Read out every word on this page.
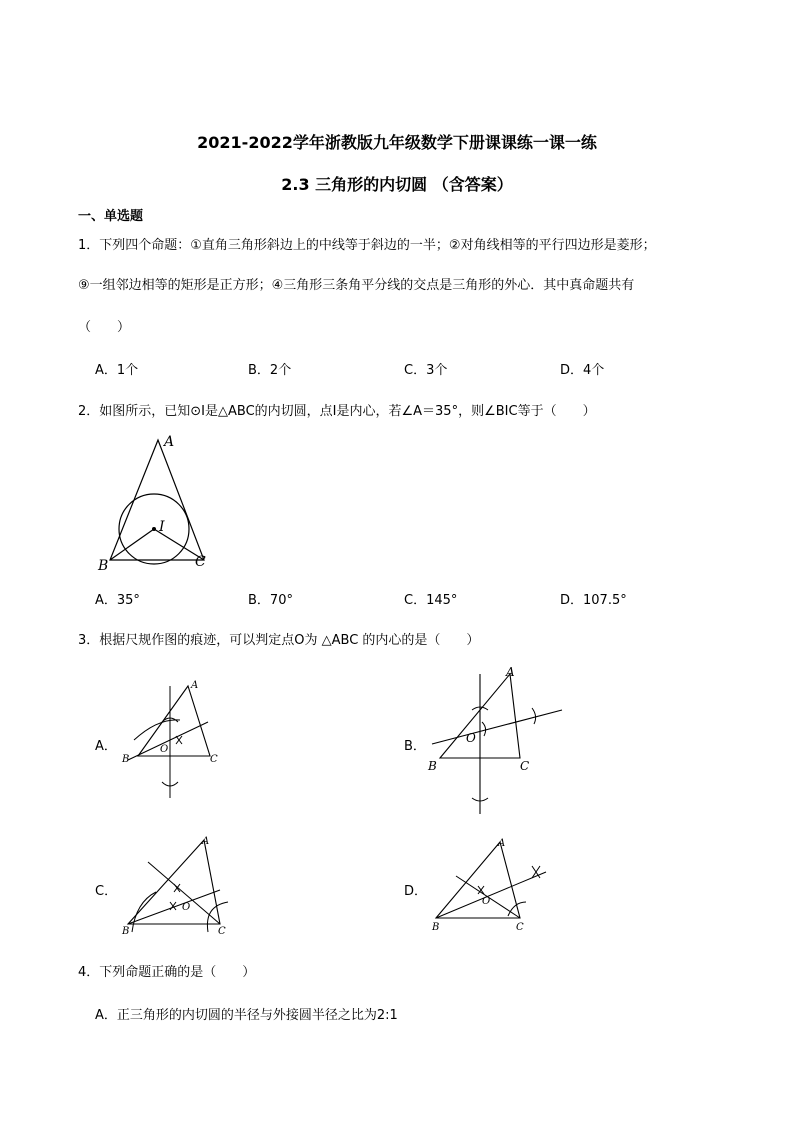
2021-2022学年浙教版九年级数学下册课课练一课一练
2.3 三角形的内切圆 （含答案）
一、单选题
1．下列四个命题：①直角三角形斜边上的中线等于斜边的一半；②对角线相等的平行四边形是菱形；
⑨一组邻边相等的矩形是正方形；④三角形三条角平分线的交点是三角形的外心．其中真命题共有
（　　）
A．1个	B．2个	C．3个	D．4个
2．如图所示，已知⊙I是△ABC的内切圆，点I是内心，若∠A＝35°，则∠BIC等于（　　）
A
B	C
I
A．35°	B．70°	C．145°	D．107.5°
3．根据尺规作图的痕迹，可以判定点O为 △ABC 的内心的是（　　）
A．
A
B	C
O	B．
A
B	C
O
C．
A
B	C
O
D．
A
B	C
O
4．下列命题正确的是（　　）
A．正三角形的内切圆的半径与外接圆半径之比为2:1
